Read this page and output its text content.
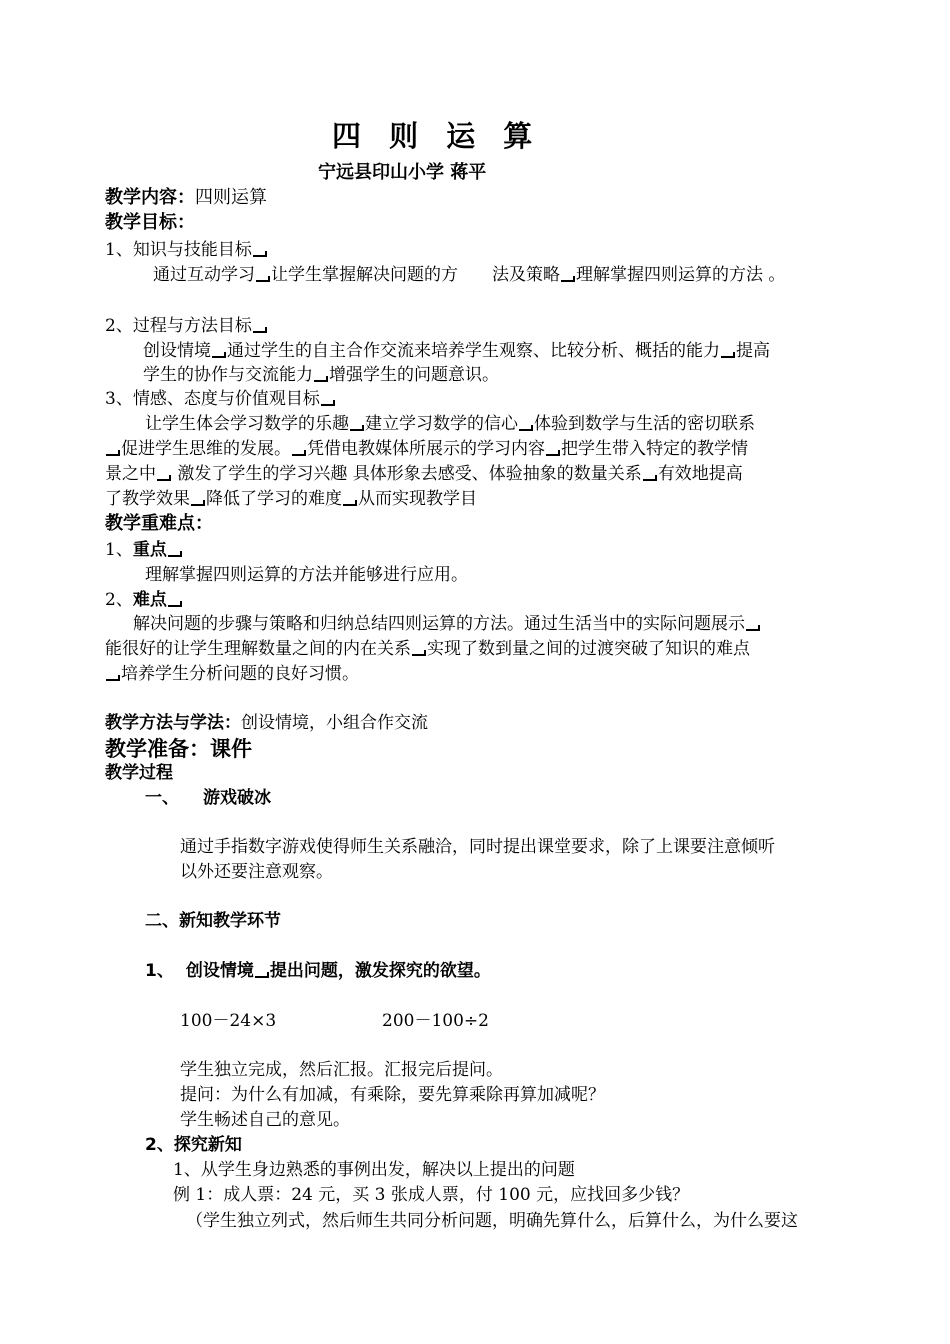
四 则 运 算
宁远县印山小学 蒋平
教学内容：四则运算
教学目标：
1、知识与技能目标
通过互动学习 让学生掌握解决问题的方 法及策略 理解掌握四则运算的方法 。
2、过程与方法目标
创设情境 通过学生的自主合作交流来培养学生观察、比较分析、概括的能力 提高
学生的协作与交流能力 增强学生的问题意识。
3、情感、态度与价值观目标
让学生体会学习数学的乐趣 建立学习数学的信心 体验到数学与生活的密切联系
促进学生思维的发展。 凭借电教媒体所展示的学习内容 把学生带入特定的教学情
景之中 激发了学生的学习兴趣 具体形象去感受、体验抽象的数量关系 有效地提高
了教学效果 降低了学习的难度 从而实现教学目
教学重难点：
1、重点
理解掌握四则运算的方法并能够进行应用。
2、难点
解决问题的步骤与策略和归纳总结四则运算的方法。通过生活当中的实际问题展示
能很好的让学生理解数量之间的内在关系 实现了数到量之间的过渡突破了知识的难点
培养学生分析问题的良好习惯。
教学方法与学法：创设情境，小组合作交流
教学准备：课件
教学过程
一、 游戏破冰
通过手指数字游戏使得师生关系融洽，同时提出课堂要求，除了上课要注意倾听
以外还要注意观察。
二、新知教学环节
1、 创设情境 提出问题，激发探究的欲望。
100－24×3	200－100÷2
学生独立完成，然后汇报。汇报完后提问。
提问：为什么有加减，有乘除，要先算乘除再算加减呢？
学生畅述自己的意见。
2、探究新知
1、从学生身边熟悉的事例出发，解决以上提出的问题
例 1：成人票：24 元，买 3 张成人票，付 100 元，应找回多少钱？
（学生独立列式，然后师生共同分析问题，明确先算什么，后算什么，为什么要这
